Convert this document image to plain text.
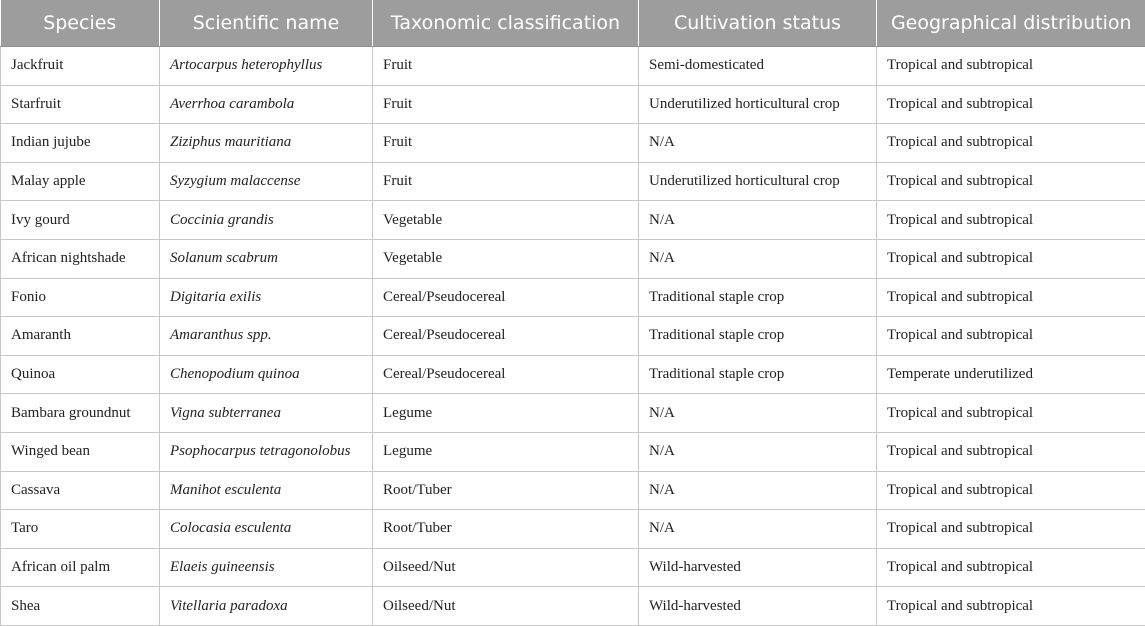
Species	Scientific name	Taxonomic classification	Cultivation status	Geographical distribution
Jackfruit	Artocarpus heterophyllus	Fruit	Semi-domesticated	Tropical and subtropical
Starfruit	Averrhoa carambola	Fruit	Underutilized horticultural crop	Tropical and subtropical
Indian jujube	Ziziphus mauritiana	Fruit	N/A	Tropical and subtropical
Malay apple	Syzygium malaccense	Fruit	Underutilized horticultural crop	Tropical and subtropical
Ivy gourd	Coccinia grandis	Vegetable	N/A	Tropical and subtropical
African nightshade	Solanum scabrum	Vegetable	N/A	Tropical and subtropical
Fonio	Digitaria exilis	Cereal/Pseudocereal	Traditional staple crop	Tropical and subtropical
Amaranth	Amaranthus spp.	Cereal/Pseudocereal	Traditional staple crop	Tropical and subtropical
Quinoa	Chenopodium quinoa	Cereal/Pseudocereal	Traditional staple crop	Temperate underutilized
Bambara groundnut	Vigna subterranea	Legume	N/A	Tropical and subtropical
Winged bean	Psophocarpus tetragonolobus	Legume	N/A	Tropical and subtropical
Cassava	Manihot esculenta	Root/Tuber	N/A	Tropical and subtropical
Taro	Colocasia esculenta	Root/Tuber	N/A	Tropical and subtropical
African oil palm	Elaeis guineensis	Oilseed/Nut	Wild-harvested	Tropical and subtropical
Shea	Vitellaria paradoxa	Oilseed/Nut	Wild-harvested	Tropical and subtropical
